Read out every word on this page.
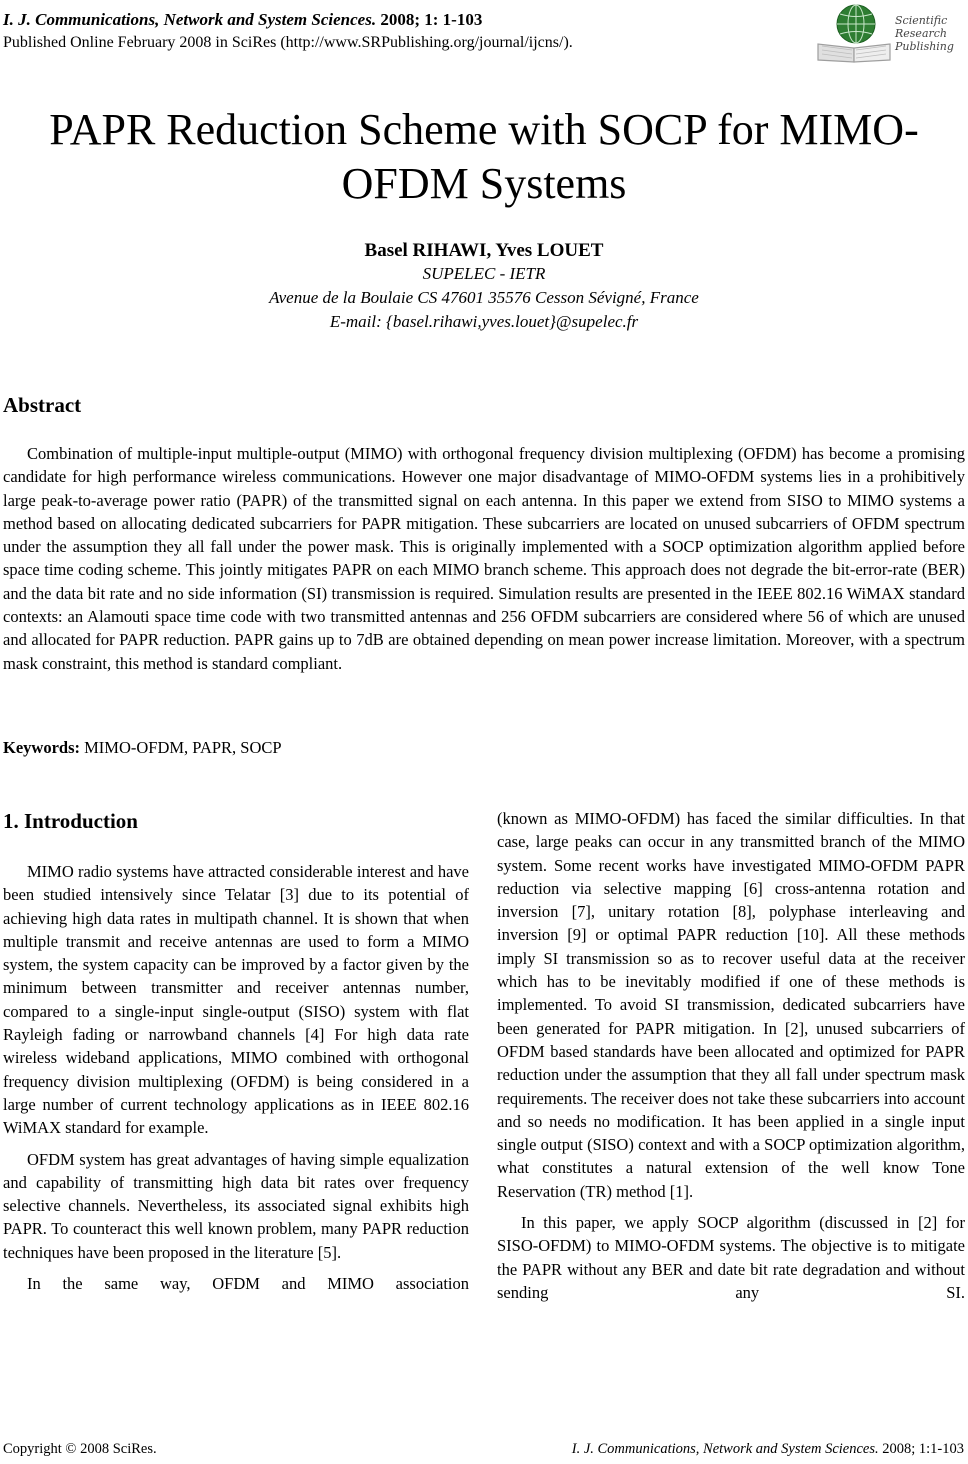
I. J. Communications, Network and System Sciences. 2008; 1: 1-103
Published Online February 2008 in SciRes (http://www.SRPublishing.org/journal/ijcns/).
Scientific
Research
Publishing
PAPR Reduction Scheme with SOCP for MIMO-OFDM Systems
Basel RIHAWI, Yves LOUET
SUPELEC - IETR
Avenue de la Boulaie CS 47601 35576 Cesson Sévigné, France
E-mail: {basel.rihawi,yves.louet}@supelec.fr
Abstract
Combination of multiple-input multiple-output (MIMO) with orthogonal frequency division multiplexing (OFDM) has become a promising candidate for high performance wireless communications. However one major disadvantage of MIMO-OFDM systems lies in a prohibitively large peak-to-average power ratio (PAPR) of the transmitted signal on each antenna. In this paper we extend from SISO to MIMO systems a method based on allocating dedicated subcarriers for PAPR mitigation. These subcarriers are located on unused subcarriers of OFDM spectrum under the assumption they all fall under the power mask. This is originally implemented with a SOCP optimization algorithm applied before space time coding scheme. This jointly mitigates PAPR on each MIMO branch scheme. This approach does not degrade the bit-error-rate (BER) and the data bit rate and no side information (SI) transmission is required. Simulation results are presented in the IEEE 802.16 WiMAX standard contexts: an Alamouti space time code with two transmitted antennas and 256 OFDM subcarriers are considered where 56 of which are unused and allocated for PAPR reduction. PAPR gains up to 7dB are obtained depending on mean power increase limitation. Moreover, with a spectrum mask constraint, this method is standard compliant.
Keywords: MIMO-OFDM, PAPR, SOCP
1. Introduction

MIMO radio systems have attracted considerable interest and have been studied intensively since Telatar [3] due to its potential of achieving high data rates in multipath channel. It is shown that when multiple transmit and receive antennas are used to form a MIMO system, the system capacity can be improved by a factor given by the minimum between transmitter and receiver antennas number, compared to a single-input single-output (SISO) system with flat Rayleigh fading or narrowband channels [4] For high data rate wireless wideband applications, MIMO combined with orthogonal frequency division multiplexing (OFDM) is being considered in a large number of current technology applications as in IEEE 802.16 WiMAX standard for example.

OFDM system has great advantages of having simple equalization and capability of transmitting high data bit rates over frequency selective channels. Nevertheless, its associated signal exhibits high PAPR. To counteract this well known problem, many PAPR reduction techniques have been proposed in the literature [5].

In the same way, OFDM and MIMO association

(known as MIMO-OFDM) has faced the similar difficulties. In that case, large peaks can occur in any transmitted branch of the MIMO system. Some recent works have investigated MIMO-OFDM PAPR reduction via selective mapping [6] cross-antenna rotation and inversion [7], unitary rotation [8], polyphase interleaving and inversion [9] or optimal PAPR reduction [10]. All these methods imply SI transmission so as to recover useful data at the receiver which has to be inevitably modified if one of these methods is implemented. To avoid SI transmission, dedicated subcarriers have been generated for PAPR mitigation. In [2], unused subcarriers of OFDM based standards have been allocated and optimized for PAPR reduction under the assumption that they all fall under spectrum mask requirements. The receiver does not take these subcarriers into account and so needs no modification. It has been applied in a single input single output (SISO) context and with a SOCP optimization algorithm, what constitutes a natural extension of the well know Tone Reservation (TR) method [1].

In this paper, we apply SOCP algorithm (discussed in [2] for SISO-OFDM) to MIMO-OFDM systems. The objective is to mitigate the PAPR without any BER and date bit rate degradation and without sending any SI.

Copyright © 2008 SciRes.	I. J. Communications, Network and System Sciences. 2008; 1:1-103
